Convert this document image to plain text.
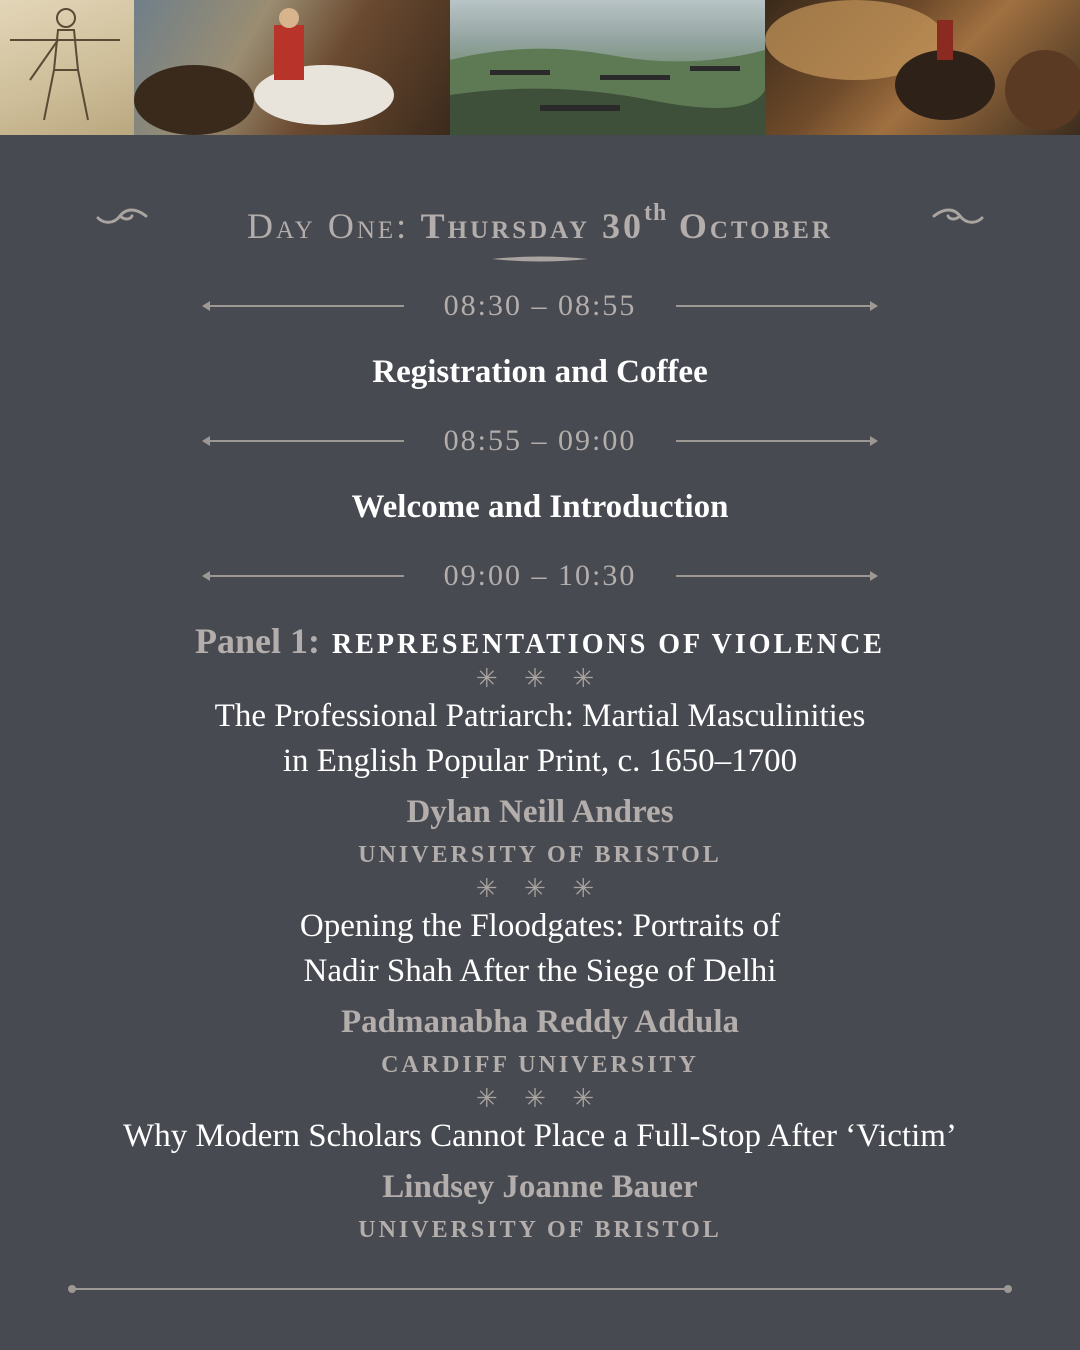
Day One: Thursday 30th October
08:30 – 08:55
Registration and Coffee
08:55 – 09:00
Welcome and Introduction
09:00 – 10:30
Panel 1: REPRESENTATIONS OF VIOLENCE
✳ ✳ ✳
The Professional Patriarch: Martial Masculinities
in English Popular Print, c. 1650–1700
Dylan Neill Andres
UNIVERSITY OF BRISTOL
✳ ✳ ✳
Opening the Floodgates: Portraits of
Nadir Shah After the Siege of Delhi
Padmanabha Reddy Addula
CARDIFF UNIVERSITY
✳ ✳ ✳
Why Modern Scholars Cannot Place a Full-Stop After ‘Victim’
Lindsey Joanne Bauer
UNIVERSITY OF BRISTOL
